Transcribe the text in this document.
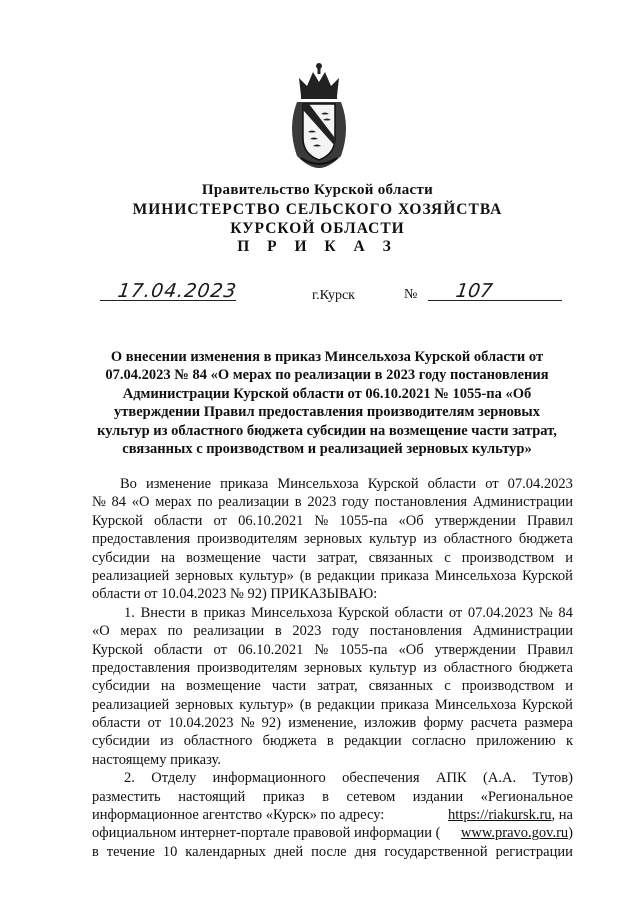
Правительство Курской области
МИНИСТЕРСТВО СЕЛЬСКОГО ХОЗЯЙСТВА
КУРСКОЙ ОБЛАСТИ
П Р И К А З
17.04.2023	г.Курск	№ 107
О внесении изменения в приказ Минсельхоза Курской области от
07.04.2023 № 84 «О мерах по реализации в 2023 году постановления
Администрации Курской области от 06.10.2021 № 1055-па «Об
утверждении Правил предоставления производителям зерновых
культур из областного бюджета субсидии на возмещение части затрат,
связанных с производством и реализацией зерновых культур»
Во изменение приказа Минсельхоза Курской области от 07.04.2023
№ 84 «О мерах по реализации в 2023 году постановления Администрации
Курской области от 06.10.2021 № 1055-па «Об утверждении Правил
предоставления производителям зерновых культур из областного бюджета
субсидии на возмещение части затрат, связанных с производством и
реализацией зерновых культур» (в редакции приказа Минсельхоза Курской
области от 10.04.2023 № 92) ПРИКАЗЫВАЮ:
1. Внести в приказ Минсельхоза Курской области от 07.04.2023 № 84
«О мерах по реализации в 2023 году постановления Администрации
Курской области от 06.10.2021 № 1055-па «Об утверждении Правил
предоставления производителям зерновых культур из областного бюджета
субсидии на возмещение части затрат, связанных с производством и
реализацией зерновых культур» (в редакции приказа Минсельхоза Курской
области от 10.04.2023 № 92) изменение, изложив форму расчета размера
субсидии из областного бюджета в редакции согласно приложению к
настоящему приказу.
2. Отделу информационного обеспечения АПК (А.А. Тутов)
разместить настоящий приказ в сетевом издании «Региональное
информационное агентство «Курск» по адресу:	https://riakursk.ru, на
официальном интернет-портале правовой информации ( www.pravo.gov.ru)
в течение 10 календарных дней после дня государственной регистрации
